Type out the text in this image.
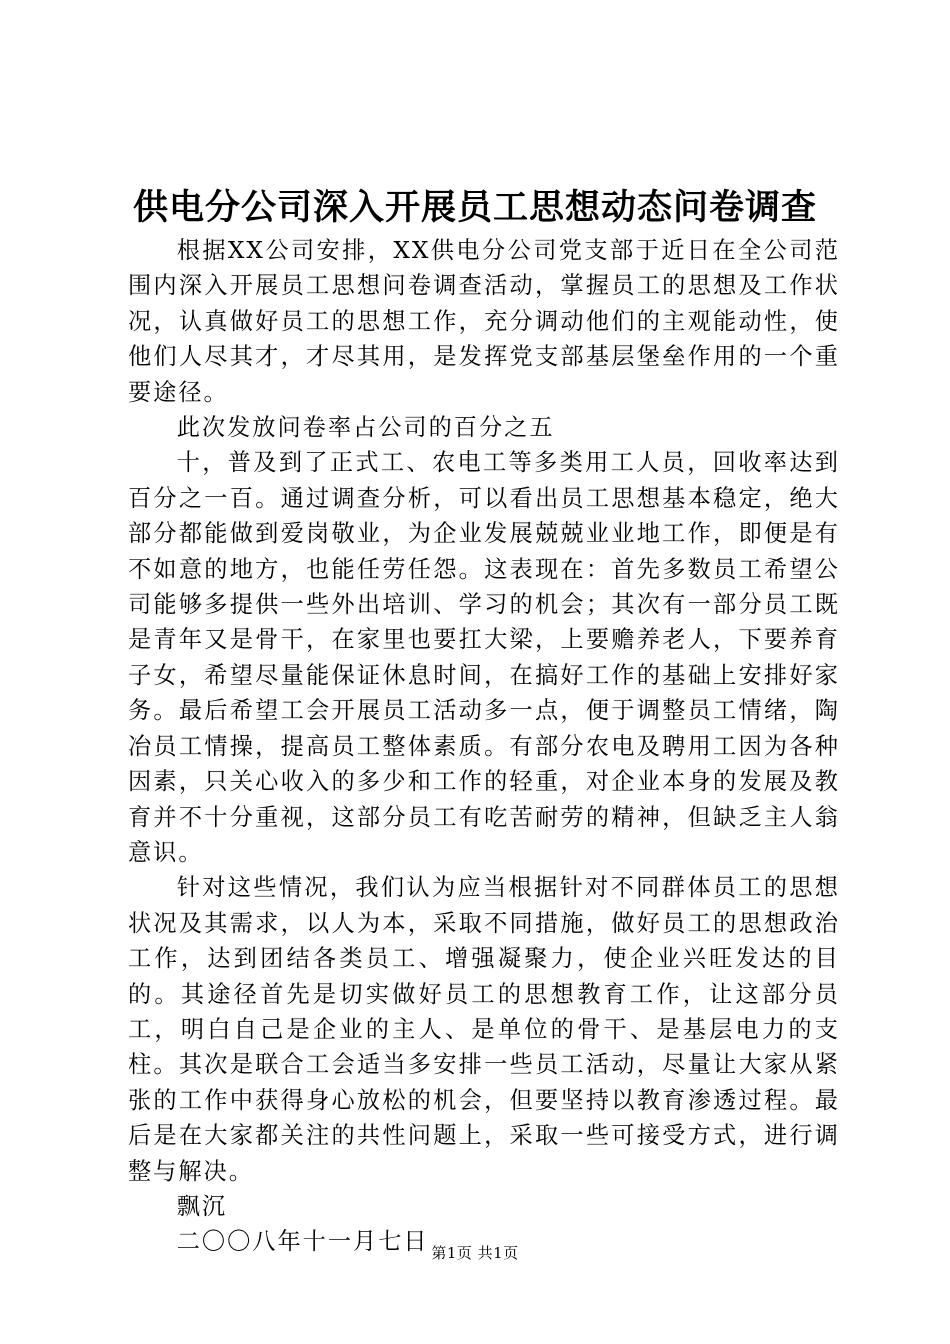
供电分公司深入开展员工思想动态问卷调查

根据XX公司安排，XX供电分公司党支部于近日在全公司范围内深入开展员工思想问卷调查活动，掌握员工的思想及工作状况，认真做好员工的思想工作，充分调动他们的主观能动性，使他们人尽其才，才尽其用，是发挥党支部基层堡垒作用的一个重要途径。

此次发放问卷率占公司的百分之五

十，普及到了正式工、农电工等多类用工人员，回收率达到百分之一百。通过调查分析，可以看出员工思想基本稳定，绝大部分都能做到爱岗敬业，为企业发展兢兢业业地工作，即便是有不如意的地方，也能任劳任怨。这表现在：首先多数员工希望公司能够多提供一些外出培训、学习的机会；其次有一部分员工既是青年又是骨干，在家里也要扛大梁，上要赡养老人，下要养育子女，希望尽量能保证休息时间，在搞好工作的基础上安排好家务。最后希望工会开展员工活动多一点，便于调整员工情绪，陶冶员工情操，提高员工整体素质。有部分农电及聘用工因为各种因素，只关心收入的多少和工作的轻重，对企业本身的发展及教育并不十分重视，这部分员工有吃苦耐劳的精神，但缺乏主人翁意识。

针对这些情况，我们认为应当根据针对不同群体员工的思想状况及其需求，以人为本，采取不同措施，做好员工的思想政治工作，达到团结各类员工、增强凝聚力，使企业兴旺发达的目的。其途径首先是切实做好员工的思想教育工作，让这部分员工，明白自己是企业的主人、是单位的骨干、是基层电力的支柱。其次是联合工会适当多安排一些员工活动，尽量让大家从紧张的工作中获得身心放松的机会，但要坚持以教育渗透过程。最后是在大家都关注的共性问题上，采取一些可接受方式，进行调整与解决。

飘沉

二〇〇八年十一月七日 第1页 共1页
